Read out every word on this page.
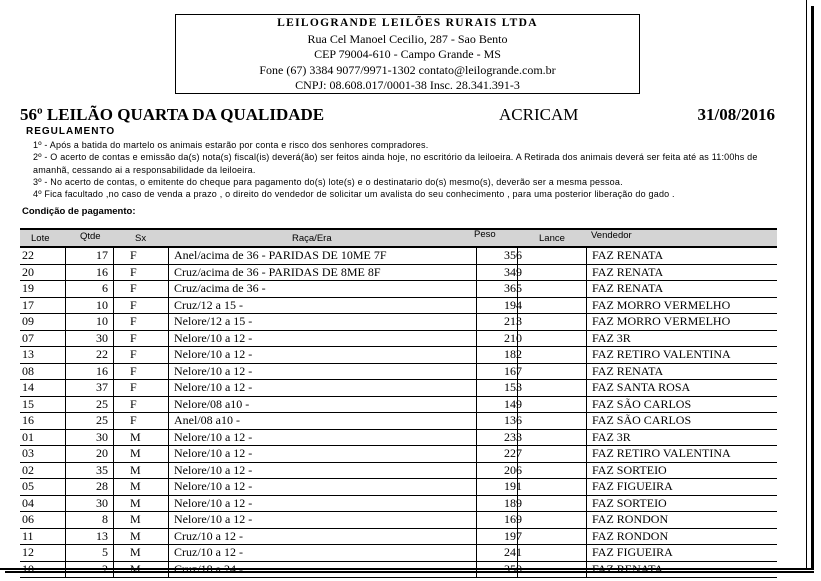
LEILOGRANDE LEILÕES RURAIS LTDA
Rua Cel Manoel Cecilio, 287 - Sao Bento
CEP 79004-610 - Campo Grande - MS
Fone (67) 3384 9077/9971-1302 contato@leilogrande.com.br
CNPJ: 08.608.017/0001-38 Insc. 28.341.391-3
56º LEILÃO QUARTA DA QUALIDADE	ACRICAM	31/08/2016
REGULAMENTO

1º - Após a batida do martelo os animais estarão por conta e risco dos senhores compradores.

2º - O acerto de contas e emissão da(s) nota(s) fiscal(is) deverá(ão) ser feitos ainda hoje, no escritório da leiloeira. A Retirada dos animais deverá ser feita até as 11:00hs de amanhã, cessando ai a responsabilidade da leiloeira.

3º - No acerto de contas, o emitente do cheque para pagamento do(s) lote(s) e o destinatario do(s) mesmo(s), deverão ser a mesma pessoa.

4º Fica facultado ,no caso de venda a prazo , o direito do vendedor de solicitar um avalista do seu conhecimento , para uma posterior liberação do gado .

Condição de pagamento:
Lote	Qtde	Sx	Raça/Era	Peso	Lance	Vendedor
22	17 F	Anel/acima de 36 - PARIDAS DE 10ME 7F	356	FAZ RENATA
20	16 F	Cruz/acima de 36 - PARIDAS DE 8ME 8F	349	FAZ RENATA
19	6 F	Cruz/acima de 36 -	365	FAZ RENATA
17	10 F	Cruz/12 a 15 -	194	FAZ MORRO VERMELHO
09	10 F	Nelore/12 a 15 -	213	FAZ MORRO VERMELHO
07	30 F	Nelore/10 a 12 -	210	FAZ 3R
13	22 F	Nelore/10 a 12 -	182	FAZ RETIRO VALENTINA
08	16 F	Nelore/10 a 12 -	167	FAZ RENATA
14	37 F	Nelore/10 a 12 -	153	FAZ SANTA ROSA
15	25 F	Nelore/08 a10 -	149	FAZ SÃO CARLOS
16	25 F	Anel/08 a10 -	136	FAZ SÃO CARLOS
01	30 M	Nelore/10 a 12 -	233	FAZ 3R
03	20 M	Nelore/10 a 12 -	227	FAZ RETIRO VALENTINA
02	35 M	Nelore/10 a 12 -	206	FAZ SORTEIO
05	28 M	Nelore/10 a 12 -	191	FAZ FIGUEIRA
04	30 M	Nelore/10 a 12 -	189	FAZ SORTEIO
06	8 M	Nelore/10 a 12 -	169	FAZ RONDON
11	13 M	Cruz/10 a 12 -	197	FAZ RONDON
12	5 M	Cruz/10 a 12 -	241	FAZ FIGUEIRA
10	2 M	Cruz/18 a 24 -	350	FAZ RENATA
